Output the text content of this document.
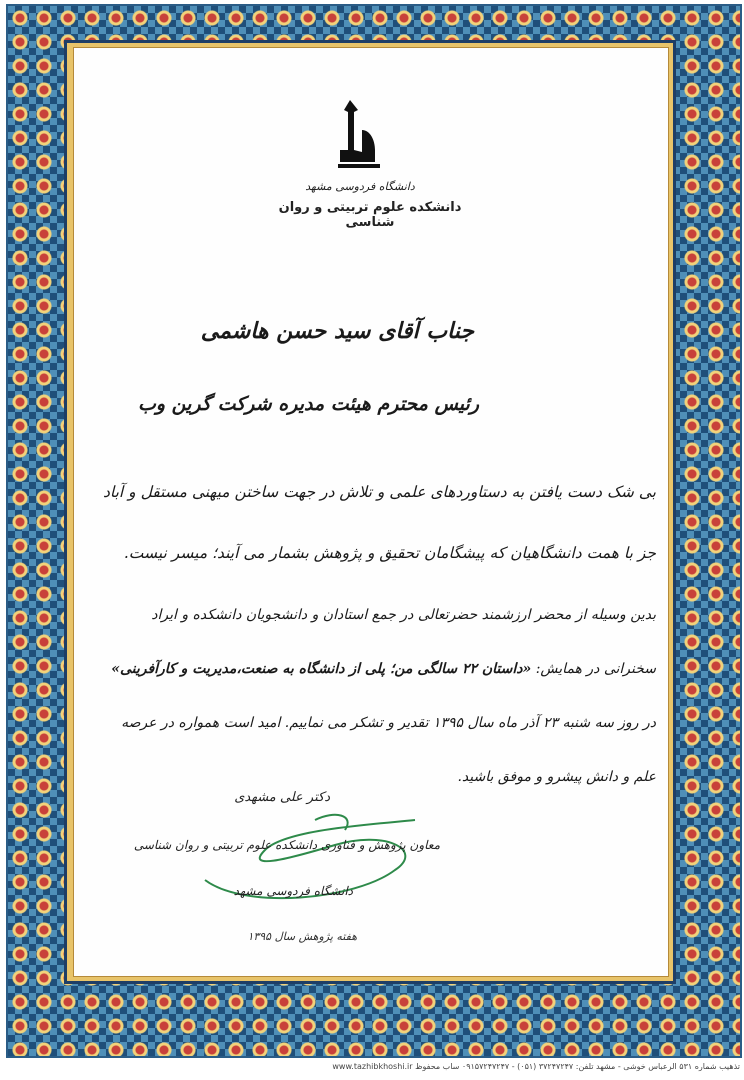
دانشگاه فردوسی مشهد
دانشکده علوم تربیتی و روان شناسی
جناب آقای سید حسن هاشمی
رئیس محترم هیئت مدیره شرکت گرین وب
بی شک دست یافتن به دستاوردهای علمی و تلاش در جهت ساختن میهنی مستقل و آباد جز با همت دانشگاهیان که پیشگامان تحقیق و پژوهش بشمار می آیند؛ میسر نیست.
بدین وسیله از محضر ارزشمند حضرتعالی در جمع استادان و دانشجویان دانشکده و ایراد سخنرانی در همایش: «داستان ۲۲ سالگی من؛ پلی از دانشگاه به صنعت،مدیریت و کارآفرینی» در روز سه شنبه ۲۳ آذر ماه سال ۱۳۹۵ تقدیر و تشکر می نماییم. امید است همواره در عرصه علم و دانش پیشرو و موفق باشید.
دکتر علی مشهدی
معاون پژوهش و فناوری دانشکده علوم تربیتی و روان شناسی
دانشگاه فردوسی مشهد
هفته پژوهش سال ۱۳۹۵
تذهیب شماره ۵۳۱ الرعباس خوشی - مشهد تلفن: ۳۷۲۴۷۲۴۷ (۰۵۱) - ۰۹۱۵۷۲۴۷۲۴۷ ساب محفوظ www.tazhibkhoshi.ir
